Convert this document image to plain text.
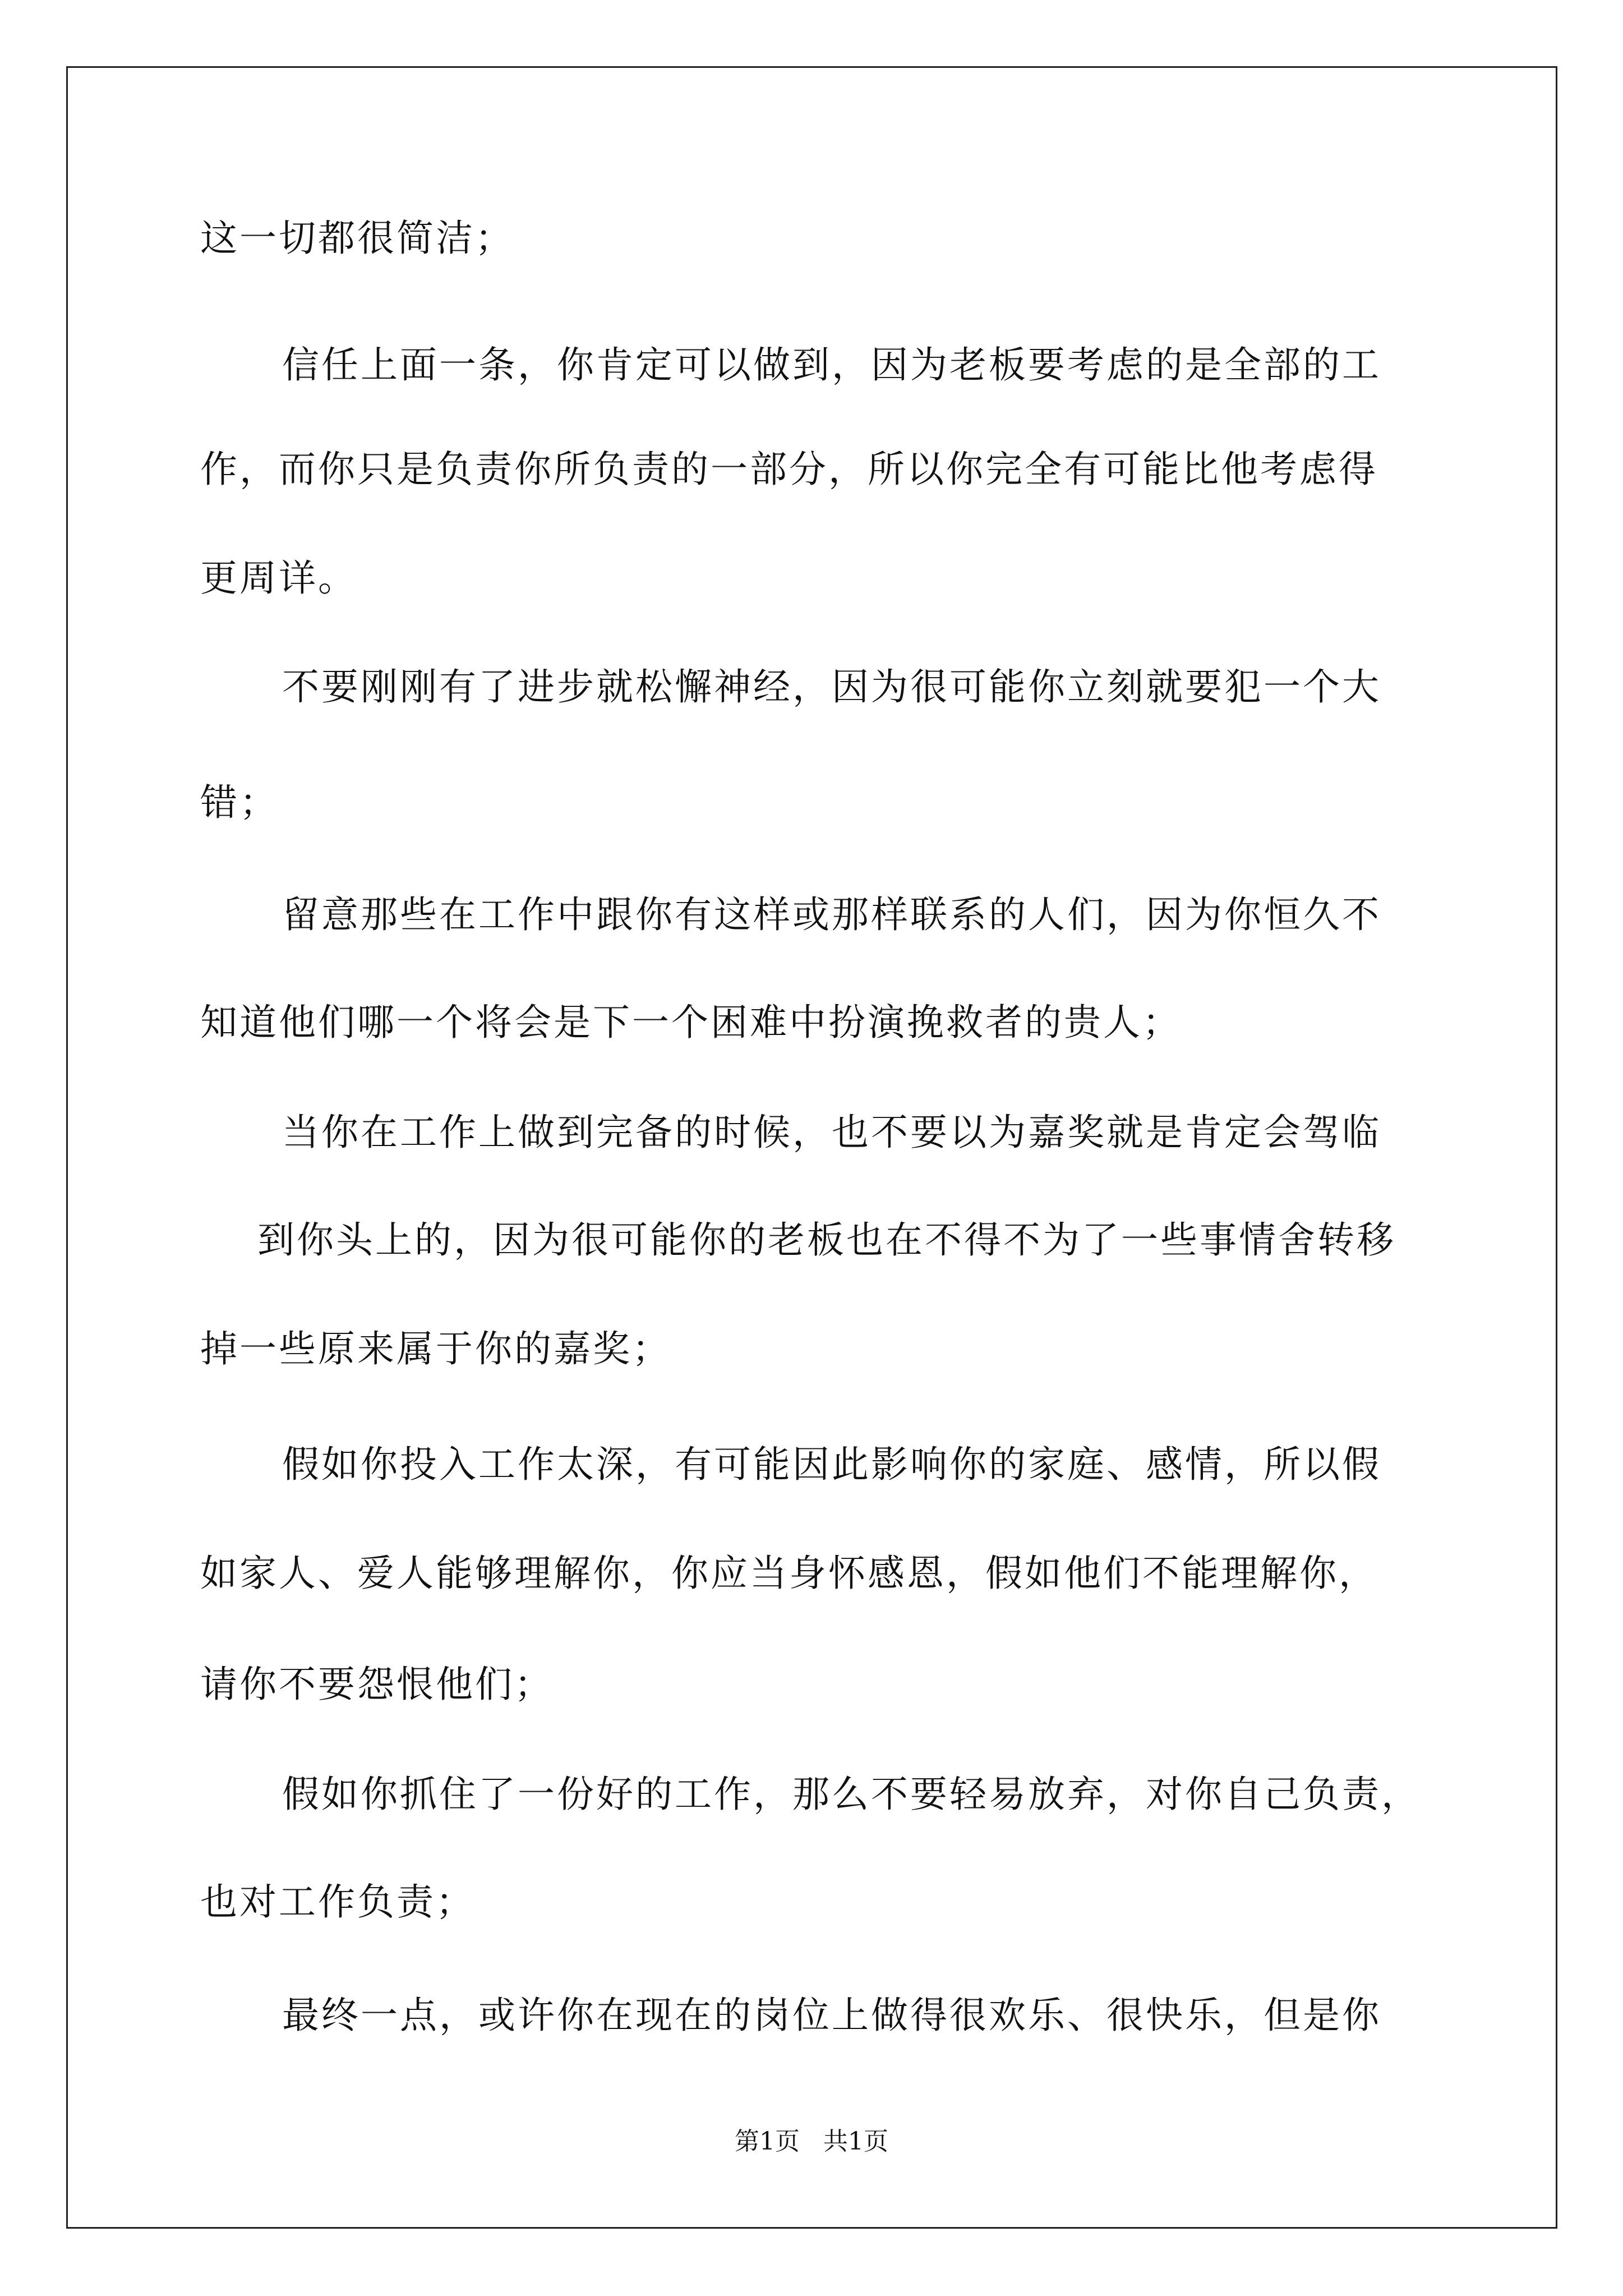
这一切都很简洁；
信任上面一条，你肯定可以做到，因为老板要考虑的是全部的工
作，而你只是负责你所负责的一部分，所以你完全有可能比他考虑得
更周详。
不要刚刚有了进步就松懈神经，因为很可能你立刻就要犯一个大
错；
留意那些在工作中跟你有这样或那样联系的人们，因为你恒久不
知道他们哪一个将会是下一个困难中扮演挽救者的贵人；
当你在工作上做到完备的时候，也不要以为嘉奖就是肯定会驾临
到你头上的，因为很可能你的老板也在不得不为了一些事情舍转移
掉一些原来属于你的嘉奖；
假如你投入工作太深，有可能因此影响你的家庭、感情，所以假
如家人、爱人能够理解你，你应当身怀感恩，假如他们不能理解你，
请你不要怨恨他们；
假如你抓住了一份好的工作，那么不要轻易放弃，对你自己负责，
也对工作负责；
最终一点，或许你在现在的岗位上做得很欢乐、很快乐，但是你
第1页 共1页
